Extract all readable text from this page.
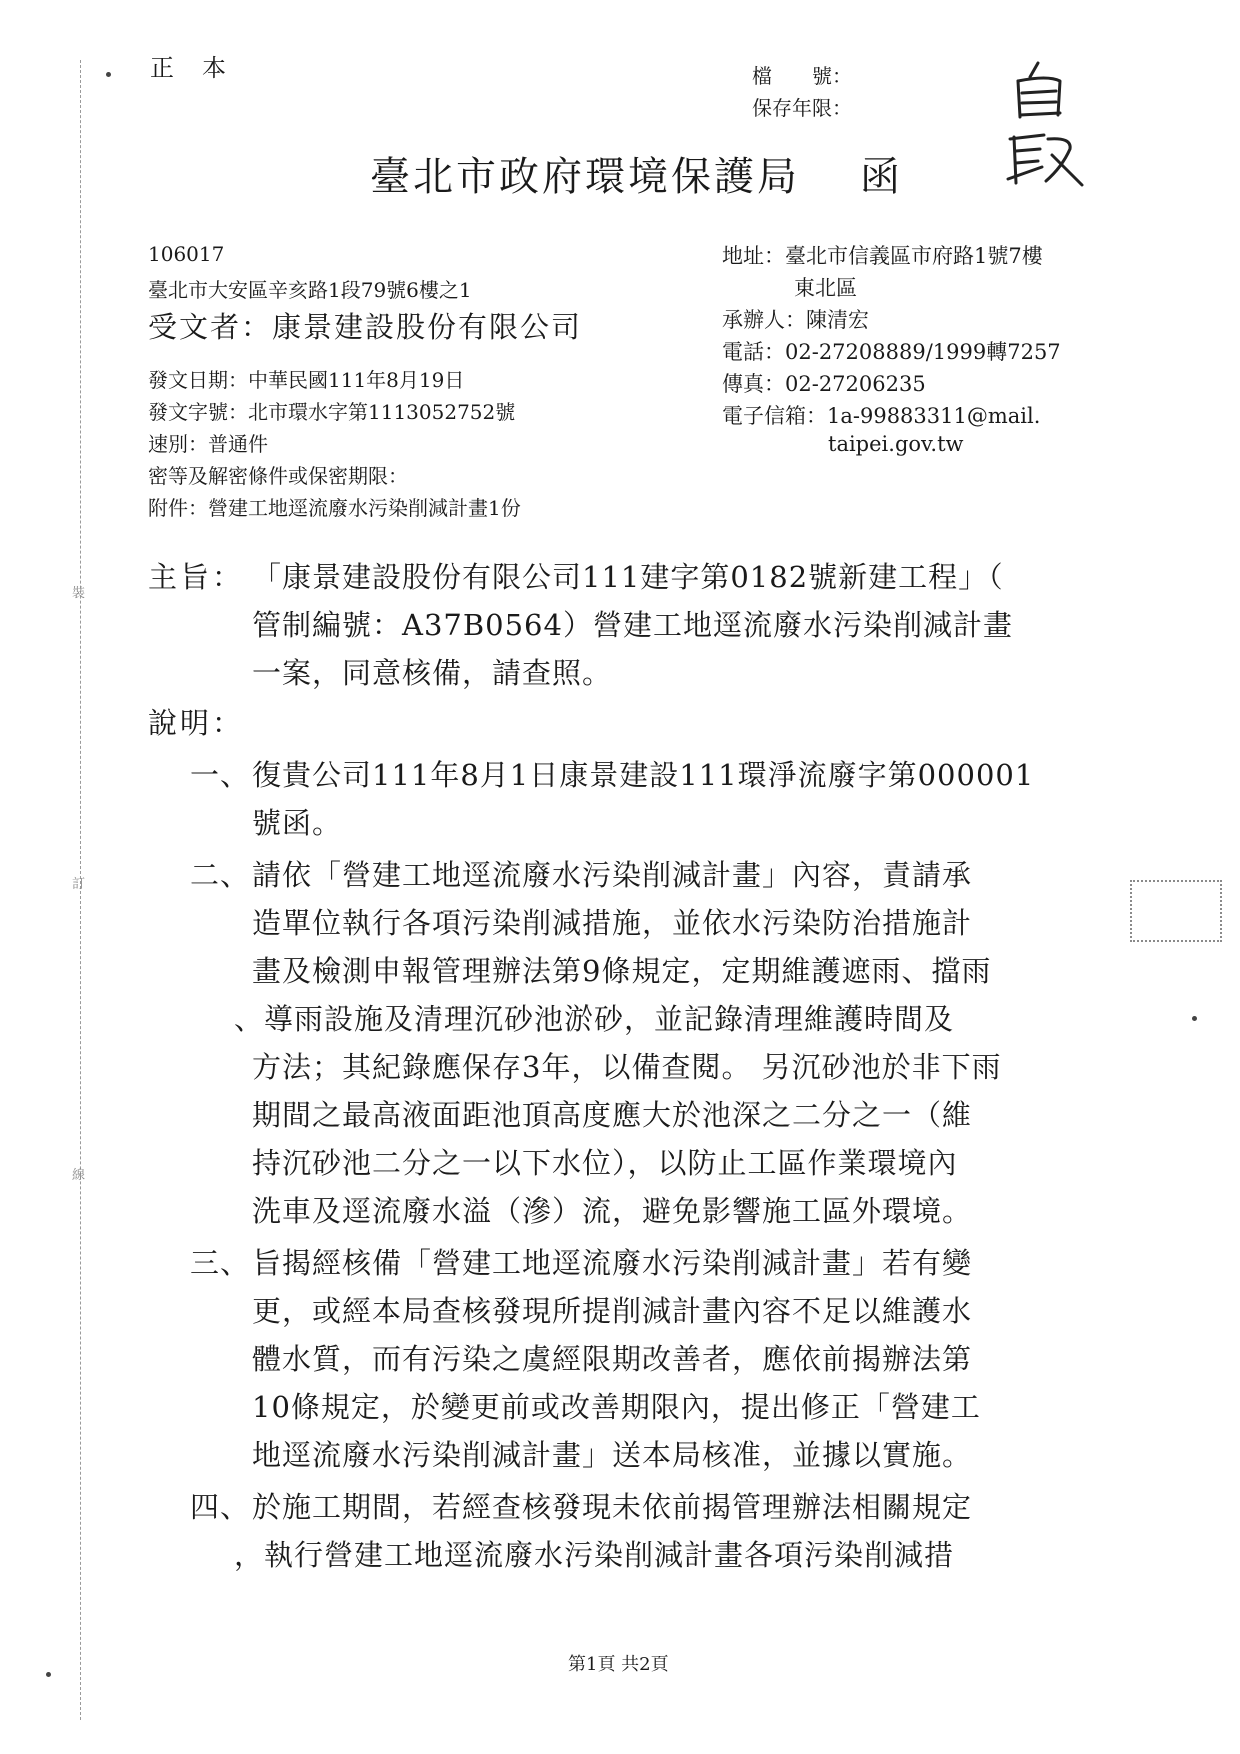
裝
訂
線
正本	檔　　號：
保存年限：
臺北市政府環境保護局 函
106017
臺北市大安區辛亥路1段79號6樓之1
受文者：康景建設股份有限公司
地址：臺北市信義區市府路1號7樓
東北區
承辦人：陳清宏
電話：02-27208889/1999轉7257
傳真：02-27206235
電子信箱：1a-99883311@mail.
taipei.gov.tw
發文日期：中華民國111年8月19日
發文字號：北市環水字第1113052752號
速別：普通件
密等及解密條件或保密期限：
附件：營建工地逕流廢水污染削減計畫1份
主旨： 「康景建設股份有限公司111建字第0182號新建工程」（
管制編號：A37B0564）營建工地逕流廢水污染削減計畫
一案，同意核備，請查照。
說明：
一、 復貴公司111年8月1日康景建設111環淨流廢字第000001
號函。
二、 請依「營建工地逕流廢水污染削減計畫」內容，責請承
造單位執行各項污染削減措施，並依水污染防治措施計
畫及檢測申報管理辦法第9條規定，定期維護遮雨、擋雨
、導雨設施及清理沉砂池淤砂，並記錄清理維護時間及
方法；其紀錄應保存3年，以備查閱。 另沉砂池於非下雨
期間之最高液面距池頂高度應大於池深之二分之一（維
持沉砂池二分之一以下水位），以防止工區作業環境內
洗車及逕流廢水溢（滲）流，避免影響施工區外環境。
三、 旨揭經核備「營建工地逕流廢水污染削減計畫」若有變
更，或經本局查核發現所提削減計畫內容不足以維護水
體水質，而有污染之虞經限期改善者，應依前揭辦法第
10條規定，於變更前或改善期限內，提出修正「營建工
地逕流廢水污染削減計畫」送本局核准，並據以實施。
四、 於施工期間，若經查核發現未依前揭管理辦法相關規定
，執行營建工地逕流廢水污染削減計畫各項污染削減措
第1頁 共2頁
